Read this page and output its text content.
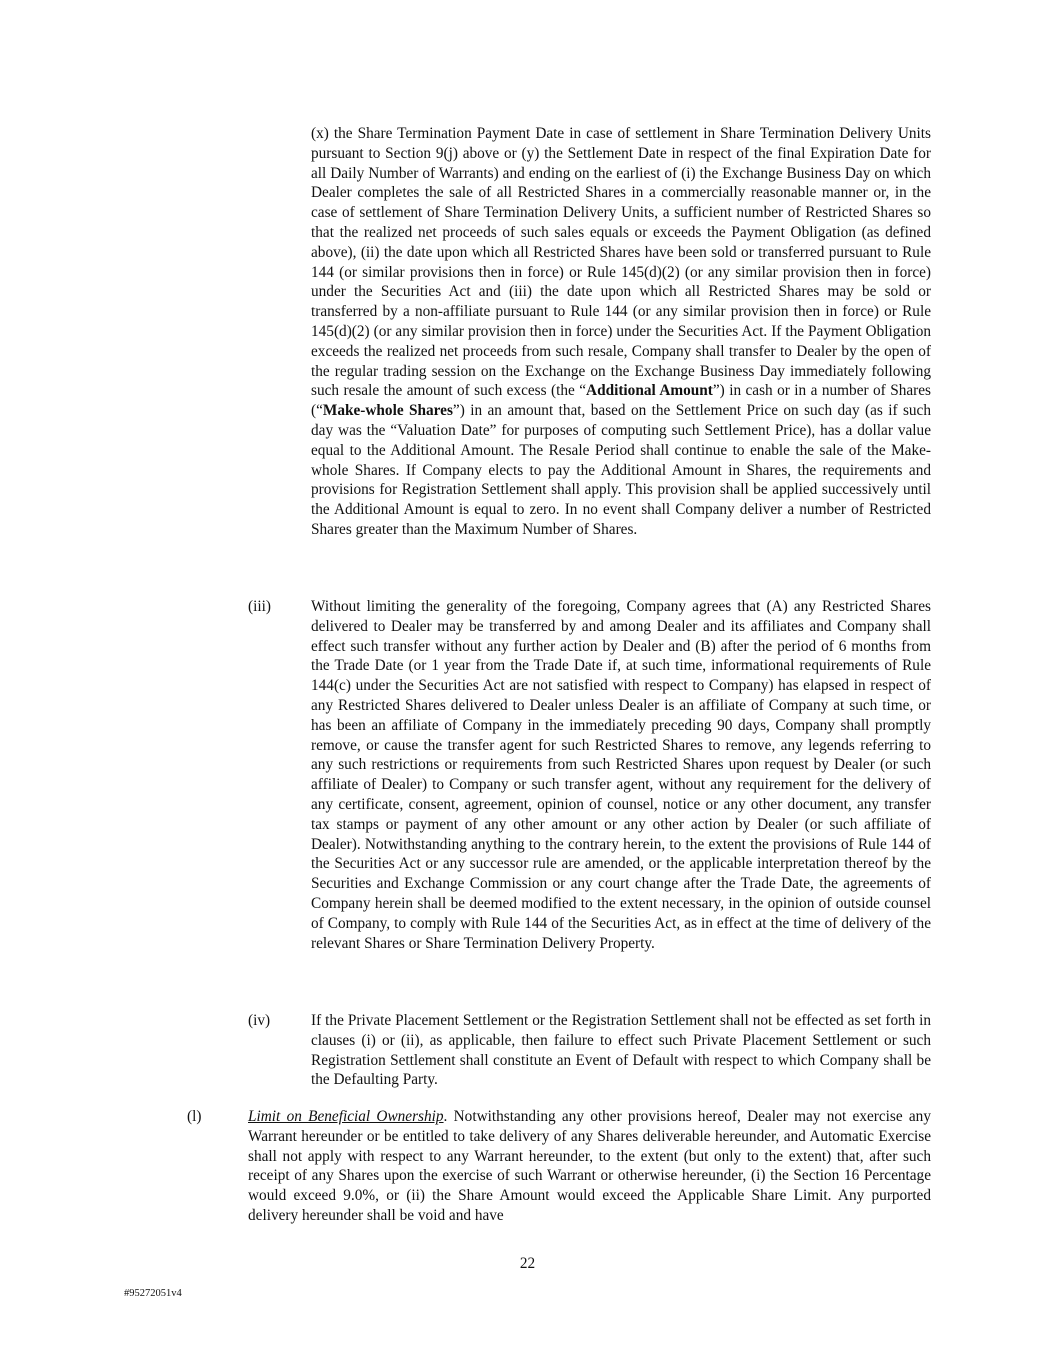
(x) the Share Termination Payment Date in case of settlement in Share Termination Delivery Units pursuant to Section 9(j) above or (y) the Settlement Date in respect of the final Expiration Date for all Daily Number of Warrants) and ending on the earliest of (i) the Exchange Business Day on which Dealer completes the sale of all Restricted Shares in a commercially reasonable manner or, in the case of settlement of Share Termination Delivery Units, a sufficient number of Restricted Shares so that the realized net proceeds of such sales equals or exceeds the Payment Obligation (as defined above), (ii) the date upon which all Restricted Shares have been sold or transferred pursuant to Rule 144 (or similar provisions then in force) or Rule 145(d)(2) (or any similar provision then in force) under the Securities Act and (iii) the date upon which all Restricted Shares may be sold or transferred by a non-affiliate pursuant to Rule 144 (or any similar provision then in force) or Rule 145(d)(2) (or any similar provision then in force) under the Securities Act. If the Payment Obligation exceeds the realized net proceeds from such resale, Company shall transfer to Dealer by the open of the regular trading session on the Exchange on the Exchange Business Day immediately following such resale the amount of such excess (the “Additional Amount”) in cash or in a number of Shares (“Make-whole Shares”) in an amount that, based on the Settlement Price on such day (as if such day was the “Valuation Date” for purposes of computing such Settlement Price), has a dollar value equal to the Additional Amount. The Resale Period shall continue to enable the sale of the Make-whole Shares. If Company elects to pay the Additional Amount in Shares, the requirements and provisions for Registration Settlement shall apply. This provision shall be applied successively until the Additional Amount is equal to zero. In no event shall Company deliver a number of Restricted Shares greater than the Maximum Number of Shares.

(iii)	Without limiting the generality of the foregoing, Company agrees that (A) any Restricted Shares delivered to Dealer may be transferred by and among Dealer and its affiliates and Company shall effect such transfer without any further action by Dealer and (B) after the period of 6 months from the Trade Date (or 1 year from the Trade Date if, at such time, informational requirements of Rule 144(c) under the Securities Act are not satisfied with respect to Company) has elapsed in respect of any Restricted Shares delivered to Dealer unless Dealer is an affiliate of Company at such time, or has been an affiliate of Company in the immediately preceding 90 days, Company shall promptly remove, or cause the transfer agent for such Restricted Shares to remove, any legends referring to any such restrictions or requirements from such Restricted Shares upon request by Dealer (or such affiliate of Dealer) to Company or such transfer agent, without any requirement for the delivery of any certificate, consent, agreement, opinion of counsel, notice or any other document, any transfer tax stamps or payment of any other amount or any other action by Dealer (or such affiliate of Dealer). Notwithstanding anything to the contrary herein, to the extent the provisions of Rule 144 of the Securities Act or any successor rule are amended, or the applicable interpretation thereof by the Securities and Exchange Commission or any court change after the Trade Date, the agreements of Company herein shall be deemed modified to the extent necessary, in the opinion of outside counsel of Company, to comply with Rule 144 of the Securities Act, as in effect at the time of delivery of the relevant Shares or Share Termination Delivery Property.

(iv)	If the Private Placement Settlement or the Registration Settlement shall not be effected as set forth in clauses (i) or (ii), as applicable, then failure to effect such Private Placement Settlement or such Registration Settlement shall constitute an Event of Default with respect to which Company shall be the Defaulting Party.

(l)	Limit on Beneficial Ownership. Notwithstanding any other provisions hereof, Dealer may not exercise any Warrant hereunder or be entitled to take delivery of any Shares deliverable hereunder, and Automatic Exercise shall not apply with respect to any Warrant hereunder, to the extent (but only to the extent) that, after such receipt of any Shares upon the exercise of such Warrant or otherwise hereunder, (i) the Section 16 Percentage would exceed 9.0%, or (ii) the Share Amount would exceed the Applicable Share Limit. Any purported delivery hereunder shall be void and have

22
#95272051v4
